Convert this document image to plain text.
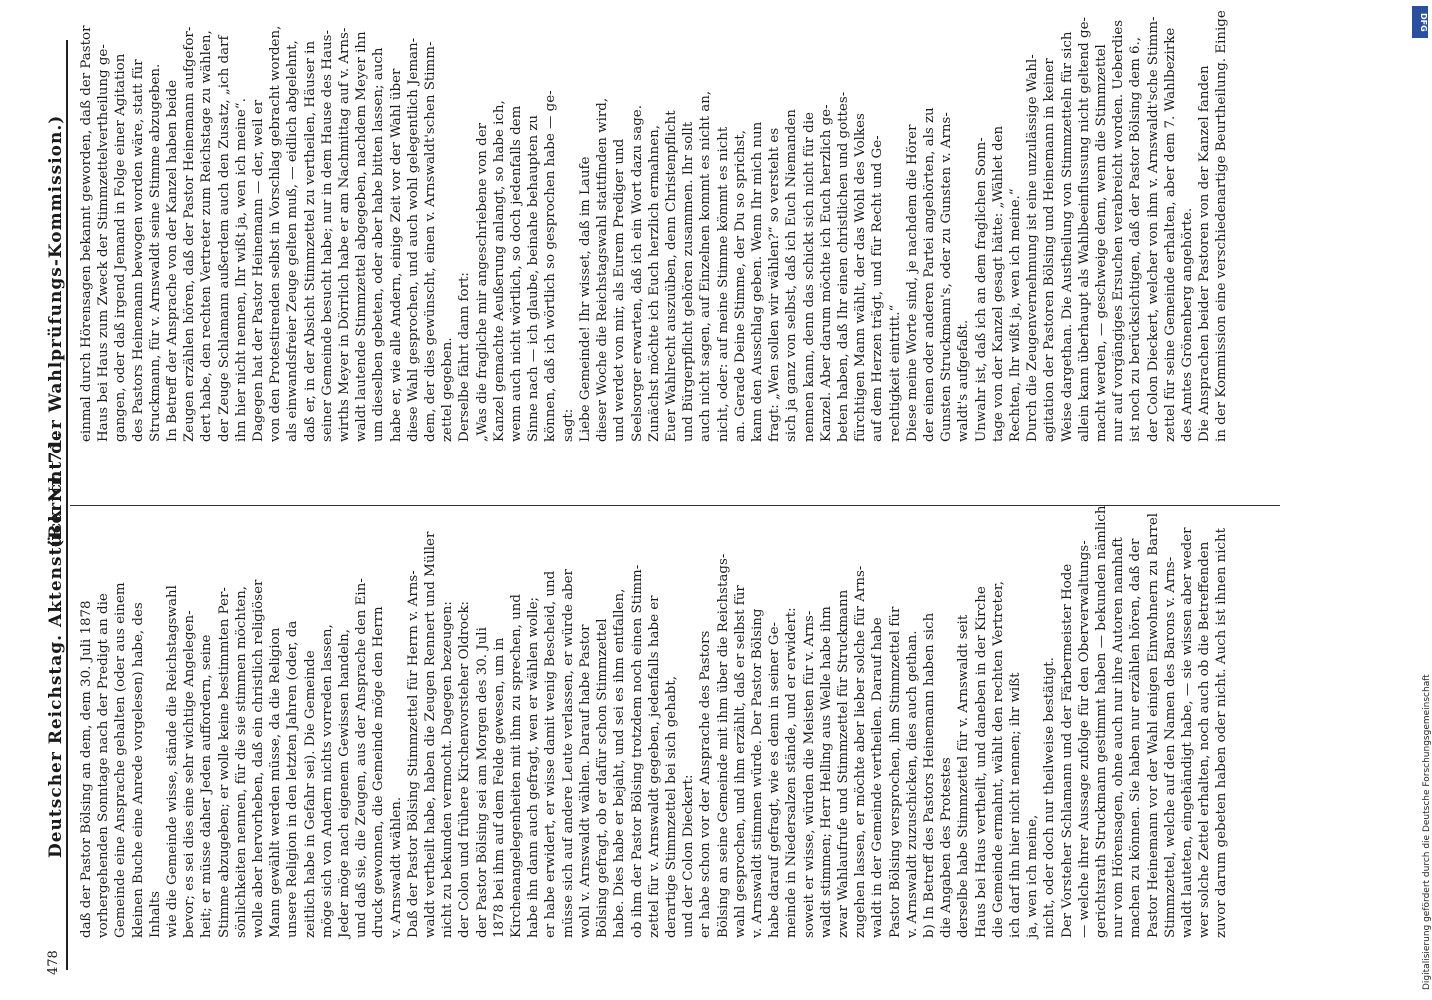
478
Deutscher Reichstag. Aktenstück Nr. 71.
(Bericht der Wahlprüfungs-Kommission.)

daß der Pastor Bölsing an dem, dem 30. Juli 1878 vorhergehenden Sonntage nach der Predigt an die Gemeinde eine Ansprache gehalten (oder aus einem kleinen Buche eine Anrede vorgelesen) habe, des Inhalts wie die Gemeinde wisse, stände die Reichstagswahl bevor; es sei dies eine sehr wichtige Angelegen- heit; er müsse daher Jeden auffordern, seine Stimme abzugeben; er wolle keine bestimmten Per- sönlichkeiten nennen, für die sie stimmen möchten, wolle aber hervorheben, daß ein christlich religiöser Mann gewählt werden müsse, da die Religion unsere Religion in den letzten Jahren (oder, da zeitlich habe in Gefahr sei). Die Gemeinde möge sich von Andern nichts vorreden lassen, Jeder möge nach eigenem Gewissen handeln, und daß sie, die Zeugen, aus der Ansprache den Ein- druck gewonnen, die Gemeinde möge den Herrn v. Arnswaldt wählen. Daß der Pastor Bölsing Stimmzettel für Herrn v. Arns- waldt vertheilt habe, haben die Zeugen Rennert und Müller nicht zu bekunden vermocht. Dagegen bezeugen: der Colon und frühere Kirchenvorsteher Oldrock: der Pastor Bölsing sei am Morgen des 30. Juli 1878 bei ihm auf dem Felde gewesen, um in Kirchenangelegenheiten mit ihm zu sprechen, und habe ihn dann auch gefragt, wen er wählen wolle; er habe erwidert, er wisse damit wenig Bescheid, und müsse sich auf andere Leute verlassen, er würde aber wohl v. Arnswaldt wählen. Darauf habe Pastor Bölsing gefragt, ob er dafür schon Stimmzettel habe. Dies habe er bejaht, und sei es ihm entfallen, ob ihm der Pastor Bölsing trotzdem noch einen Stimm- zettel für v. Arnswaldt gegeben, jedenfalls habe er derartige Stimmzettel bei sich gehabt, und der Colon Dieckert: er habe schon vor der Ansprache des Pastors Bölsing an seine Gemeinde mit ihm über die Reichstags- wahl gesprochen, und ihm erzählt, daß er selbst für v. Arnswaldt stimmen würde. Der Pastor Bölsing habe darauf gefragt, wie es denn in seiner Ge- meinde in Niedersalzen stände, und er erwidert: soweit er wisse, würden die Meisten für v. Arns- waldt stimmen; Herr Helling aus Welle habe ihm zwar Wahlaufrufe und Stimmzettel für Struckmann zugehen lassen, er möchte aber lieber solche für Arns- waldt in der Gemeinde vertheilen. Darauf habe Pastor Bölsing versprochen, ihm Stimmzettel für v. Arnswaldt zuzuschicken, dies auch gethan. b) In Betreff des Pastors Heinemann haben sich die Angaben des Protestes derselbe habe Stimmzettel für v. Arnswaldt seit Haus bei Haus vertheilt, und daneben in der Kirche die Gemeinde ermahnt, wählt den rechten Vertreter, ich darf ihn hier nicht nennen; ihr wißt ja, wen ich meine, nicht, oder doch nur theilweise bestätigt. Der Vorsteher Schlamann und der Färbermeister Hode — welche ihrer Aussage zufolge für den Oberverwaltungs- gerichtsrath Struckmann gestimmt haben — bekunden nämlich nur vom Hörensagen, ohne auch nur ihre Autoren namhaft machen zu können. Sie haben nur erzählen hören, daß der Pastor Heinemann vor der Wahl einigen Einwohnern zu Barrel Stimmzettel, welche auf den Namen des Barons v. Arns- waldt lauteten, eingehändigt habe, — sie wissen aber weder wer solche Zettel erhalten, noch auch ob die Betreffenden zuvor darum gebeten haben oder nicht. Auch ist ihnen nicht

einmal durch Hörensagen bekannt geworden, daß der Pastor Haus bei Haus zum Zweck der Stimmzettelvertheilung ge- gangen, oder daß irgend Jemand in Folge einer Agitation des Pastors Heinemann bewogen worden wäre, statt für Struckmann, für v. Arnswaldt seine Stimme abzugeben. In Betreff der Ansprache von der Kanzel haben beide Zeugen erzählen hören, daß der Pastor Heinemann aufgefor- dert habe, den rechten Vertreter zum Reichstage zu wählen, der Zeuge Schlamann außerdem auch den Zusatz, „ich darf ihn hier nicht nennen, Ihr wißt ja, wen ich meine“. Dagegen hat der Pastor Heinemann — der, weil er von den Protestirenden selbst in Vorschlag gebracht worden, als einwandsfreier Zeuge gelten muß, — eidlich abgelehnt, daß er, in der Absicht Stimmzettel zu vertheilen, Häuser in seiner Gemeinde besucht habe; nur in dem Hause des Haus- wirths Meyer in Dörrlich habe er am Nachmittag auf v. Arns- waldt lautende Stimmzettel abgegeben, nachdem Meyer ihn um dieselben gebeten, oder aber habe bitten lassen; auch habe er, wie alle Andern, einige Zeit vor der Wahl über diese Wahl gesprochen, und auch wohl gelegentlich Jeman- dem, der dies gewünscht, einen v. Arnswaldt'schen Stimm- zettel gegeben. Derselbe fährt dann fort: „Was die fragliche mir angeschriebene von der Kanzel gemachte Aeußerung anlangt, so habe ich, wenn auch nicht wörtlich, so doch jedenfalls dem Sinne nach — ich glaube, beinahe behaupten zu können, daß ich wörtlich so gesprochen habe — ge- sagt: Liebe Gemeinde! Ihr wisset, daß im Laufe dieser Woche die Reichstagswahl stattfinden wird, und werdet von mir, als Eurem Prediger und Seelsorger erwarten, daß ich ein Wort dazu sage. Zunächst möchte ich Euch herzlich ermahnen, Euer Wahlrecht auszuüben, denn Christenpflicht und Bürgerpflicht gehören zusammen. Ihr sollt auch nicht sagen, auf Einzelnen kommt es nicht an, nicht, oder: auf meine Stimme kömmt es nicht an. Gerade Deine Stimme, der Du so sprichst, kann den Ausschlag geben. Wenn Ihr mich nun fragt: „Wen sollen wir wählen?“ so versteht es sich ja ganz von selbst, daß ich Euch Niemanden nennen kann, denn das schickt sich nicht für die Kanzel. Aber darum möchte ich Euch herzlich ge- beten haben, daß Ihr einen christlichen und gottes- fürchtigen Mann wählt, der das Wohl des Volkes auf dem Herzen trägt, und für Recht und Ge- rechtigkeit eintritt.“ Diese meine Worte sind, je nachdem die Hörer der einen oder anderen Partei angehörten, als zu Gunsten Struckmann's, oder zu Gunsten v. Arns- waldt's aufgefaßt. Unwahr ist, daß ich an dem fraglichen Sonn- tage von der Kanzel gesagt hätte: „Wählet den Rechten, Ihr wißt ja, wen ich meine.“ Durch die Zeugenvernehmung ist eine unzulässige Wahl- agitation der Pastoren Bölsing und Heinemann in keiner Weise dargethan. Die Austheilung von Stimmzetteln für sich allein kann überhaupt als Wahlbeeinflussung nicht geltend ge- macht werden, — geschweige denn, wenn die Stimmzettel nur auf vorgängiges Ersuchen verabreicht worden. Ueberdies ist noch zu berücksichtigen, daß der Pastor Bölsing dem 6., der Colon Dieckert, welcher von ihm v. Arnswaldt'sche Stimm- zettel für seine Gemeinde erhalten, aber dem 7. Wahlbezirke des Amtes Grönenberg angehörte. Die Ansprachen beider Pastoren von der Kanzel fanden in der Kommission eine verschiedenartige Beurtheilung. Einige

Digitalisierung gefördert durch die Deutsche Forschungsgemeinschaft
DFG
